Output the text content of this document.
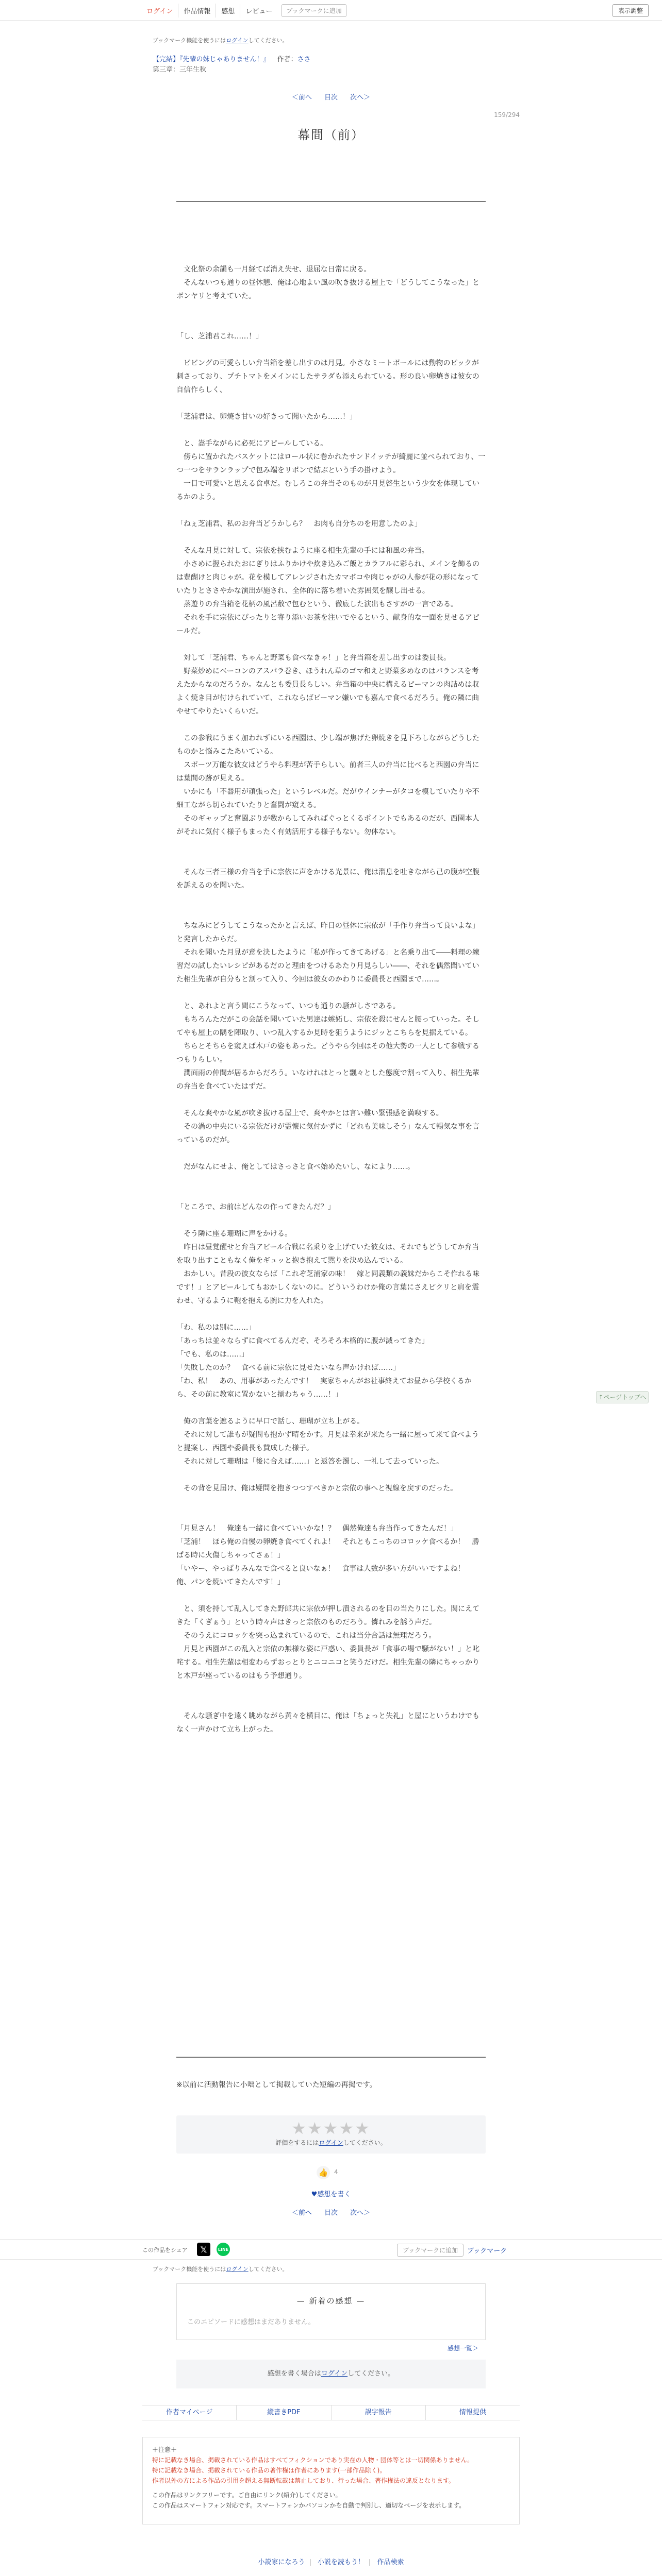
ログイン	作品情報	感想	レビュー	ブックマークに追加	表示調整
ブックマーク機能を使うにはログインしてください。
【完結】『先輩の妹じゃありません！』 作者：ささ
第三章：三年生秋
＜前へ 目次 次へ＞
159/294
幕間（前）

　文化祭の余韻も一月経てば消え失せ、退屈な日常に戻る。

　そんないつも通りの昼休憩、俺は心地よい風の吹き抜ける屋上で「どうしてこうなった」とボンヤリと考えていた。

「し、芝浦君これ……！」

　ビビングの可愛らしい弁当箱を差し出すのは月見。小さなミートボールには動物のピックが刺さっており、プチトマトをメインにしたサラダも添えられている。形の良い卵焼きは彼女の自信作らしく、

「芝浦君は、卵焼き甘いの好きって聞いたから……！」

　と、嵩手ながらに必死にアピールしている。

　傍らに置かれたバスケットにはロール状に巻かれたサンドイッチが綺麗に並べられており、一つ一つをサランラップで包み端をリボンで結ぶという手の掛けよう。

　一目で可愛いと思える食卓だ。むしろこの弁当そのものが月見啓生という少女を体現しているかのよう。

「ねぇ芝浦君、私のお弁当どうかしら？　お肉も自分ちのを用意したのよ」

　そんな月見に対して、宗依を挟むように座る相生先輩の手には和風の弁当。

　小さめに握られたおにぎりはふりかけや炊き込みご飯とカラフルに彩られ、メインを飾るのは豊醐けと肉じゃが。花を模してアレンジされたカマボコや肉じゃがの人参が花の形になっていたりとささやかな演出が施され、全体的に落ち着いた雰囲気を醸し出せる。

　蒸遊りの弁当箱を花柄の風呂敷で包むという、徹底した演出もさすがの一言である。

　それを手に宗依にぴったりと寄り添いお茶を注いでやるという、献身的な一面を見せるアピールだ。

　対して「芝浦君、ちゃんと野菜も食べなきゃ！」と弁当箱を差し出すのは委員長。

　野菜炒めにベーコンのアスパラ巻き、ほうれん草のゴマ和えと野菜多めなのはバランスを考えたからなのだろうか。なんとも委員長らしい。弁当箱の中央に構えるピーマンの肉詰めは収よく焼き目が付けられていて、これならばピーマン嫌いでも嘉んで食べるだろう。俺の隣に曲やせてやりたいくらいだ。

　この参戦にうまく加われずにいる西園は、少し端が焦げた卵焼きを見下ろしながらどうしたものかと悩みこたあいている。

　スポーツ万能な彼女はどうやら料理が苦手らしい。前者三人の弁当に比べると西園の弁当には葉間の跡が見える。

　いかにも「不器用が頑張った」というレベルだ。だがウインナーがタコを模していたりや不細工ながら切られていたりと奮闘が窺える。

　そのギャップと奮闘ぶりが数からしてみればぐっとくるポイントでもあるのだが、西園本人がそれに気付く様子もまったく有効活用する様子もない。勿体ない。

　そんな三者三様の弁当を手に宗依に声をかける光景に、俺は溜息を吐きながら己の腹が空腹を訴えるのを聞いた。

　ちなみにどうしてこうなったかと言えば、昨日の昼休に宗依が「手作り弁当って良いよな」と発言したからだ。

　それを聞いた月見が意を決したように「私が作ってきてあげる」と名乗り出て――料理の練習だの試したいレシピがあるだのと理由をつけるあたり月見らしい――、それを偶然聞いていた相生先輩が自分もと割って入り、今回は彼女のかわりに委員長と西園まで……。

　と、あれよと言う間にこうなって、いつも通りの騒がしさである。

　もちろんただがこの会話を聞いていた男達は嫉妬し、宗依を殺にせんと腰っていった。そしてやも屋上の隅を陣取り、いつ乱入するか見時を狙うようにジッとこちらを見据えている。

　ちらとそちらを窺えば木戸の姿もあった。どうやら今回はその他大勢の一人として参戦するつもりらしい。

　潤面雨の仲間が居るからだろう。いなけれはとっと飄々とした態度で割って入り、相生先輩の弁当を食べていたはずだ。

　そんな爽やかな風が吹き抜ける屋上で、爽やかとは言い難い緊張感を満喫する。

　その渦の中央にいる宗依だけが霊懐に気付かずに「どれも美味しそう」なんて暢気な事を言っているのだが。

　だがなんにせよ、俺としてはさっさと食べ始めたいし、なにより……。

「ところで、お前はどんなの作ってきたんだ？」

　そう隣に座る珊瑚に声をかける。

　昨日は昼覚醒せと弁当アピール合戦に名乗りを上げていた彼女は、それでもどうしてか弁当を取り出すこともなく俺をギュッと抱き抱えて黙りを決め込んでいる。

　おかしい。昔段の彼女ならば「これぞ芝浦家の味！　嫁と同義類の義妹だからこそ作れる味です！」とアピールしてもおかしくないのに。どういうわけか俺の言葉にさえピクリと肩を震わせ、守るように鞄を抱える腕に力を入れた。

「わ、私のは別に……」

「あっちは並々ならずに食べてるんだぞ、そろそろ本格的に腹が減ってきた」

「でも、私のは……」

「失敗したのか？　食べる前に宗依に見せたいなら声かければ……」

「わ、私！　あの、用事があったんです！　実家ちゃんがお社事終えてお昼から学校くるから、その前に教室に置かないと揃わちゃう……！」

　俺の言葉を遮るように早口で話し、珊瑚が立ち上がる。

　それに対して誰もが疑問も抱かず晴をかす。月見は幸来が来たら一緒に屋って来て食べようと提案し、西園や委員長も賛成した様子。

　それに対して珊瑚は「後に合えば……」と返答を濁し、一礼して去っていった。

　その背を見届け、俺は疑問を抱きつつすべきかと宗依の事へと視線を戻すのだった。

「月見さん！　俺達も一緒に食べていいかな！？　偶然俺達も弁当作ってきたんだ！」

「芝浦！　ほら俺の自慢の卵焼き食べてくれよ！　それともこっちのコロッケ食べるか！　勝ぱる時に火傷しちゃってさぁ！」

「いやー、やっぱりみんなで食べると良いなぁ！　食事は人数が多い方がいいですよね！　俺、パンを焼いてきたんです！」

　と、須を持して乱入してきた野郎共に宗依が押し潰されるのを目の当たりにした。関にえてきた「くぎぁう」という時々声はきっと宗依のものだろう。憐れみを誘う声だ。

　そのうえにコロッケを突っ込まれているので、これは当分合話は無理だろう。

　月見と西園がこの乱入と宗依の無様な姿に戸惑い、委員長が「食事の場で騒がない！」と叱咤する。相生先輩は相変わらずおっとりとニコニコと笑うだけだ。相生先輩の隣にちゃっかりと木戸が座っているのはもう予想通り。

　そんな騒ぎ中を遠く眺めながら黄々を横目に、俺は「ちょっと失礼」と屋にというわけでもなく一声かけて立ち上がった。

※以前に活動報告に小咄として掲載していた短編の再掲です。
★★★★★
評価をするにはログインしてください。
👍 4
♥感想を書く
＜前へ 目次 次へ＞
この作品をシェア	𝕏	LINE	ブックマークに追加	ブックマーク
ブックマーク機能を使うにはログインしてください。
— 新着の感想 —
このエピソードに感想はまだありません。
感想一覧＞
感想を書く場合はログインしてください。
作者マイページ	縦書きPDF	誤字報告	情報提供
＋注意＋
特に記載なき場合、掲載されている作品はすべてフィクションであり実在の人物・団体等とは一切関係ありません。
特に記載なき場合、掲載されている作品の著作権は作者にあります(一部作品除く)。
作者以外の方による作品の引用を超える無断転載は禁止しており、行った場合、著作権法の違反となります。
この作品はリンクフリーです。ご自由にリンク(紹介)してください。
この作品はスマートフォン対応です。スマートフォンかパソコンかを自動で判別し、適切なページを表示します。
小説家になろう | 小説を読もう！ | 作品検索
↑ページトップへ
